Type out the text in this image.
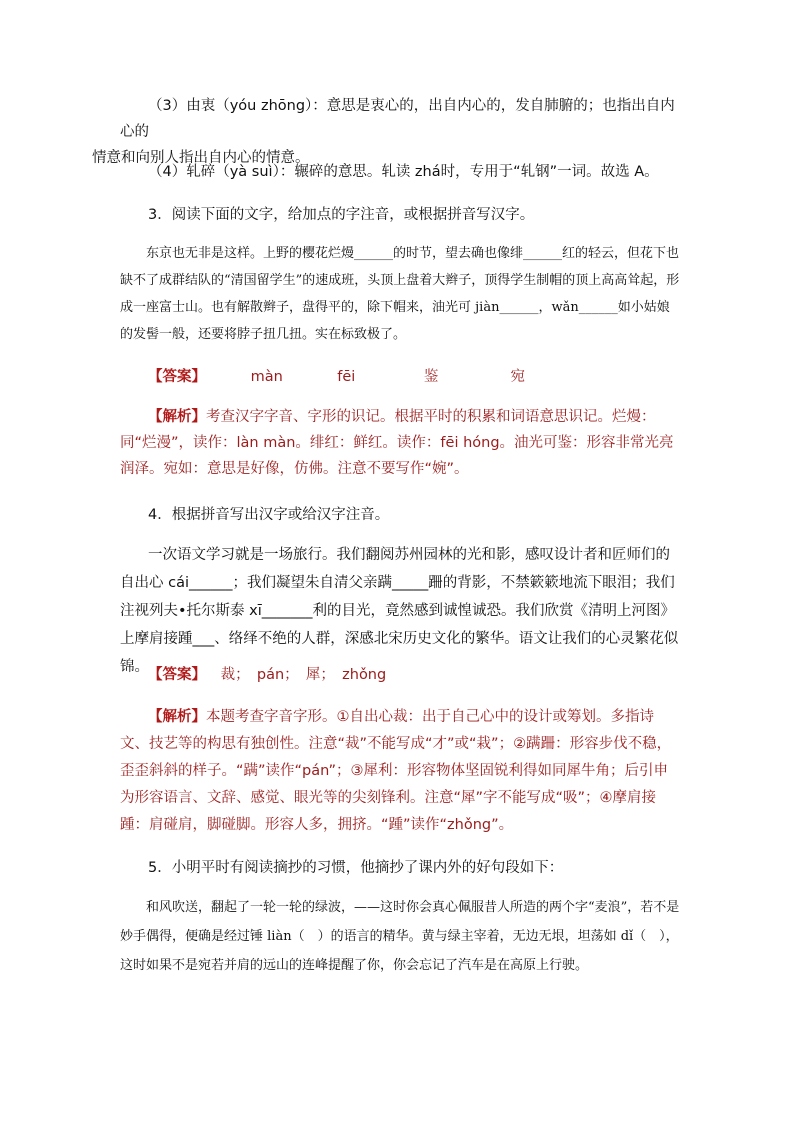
（3）由衷（yóu zhōng）：意思是衷心的，出自内心的，发自肺腑的；也指出自内心的
情意和向别人指出自内心的情意。

（4）轧碎（yà suì）：辗碎的意思。轧读 zhá时，专用于“轧钢”一词。故选 A。

3．阅读下面的文字，给加点的字注音，或根据拼音写汉字。

东京也无非是这样。上野的樱花烂熳______的时节，望去确也像绯______红的轻云，但花下也缺不了成群结队的“清国留学生”的速成班，头顶上盘着大辫子，顶得学生制帽的顶上高高耸起，形成一座富士山。也有解散辫子，盘得平的，除下帽来，油光可 jiàn______，wǎn______如小姑娘的发髻一般，还要将脖子扭几扭。实在标致极了。

【答案】	màn	fēi	鉴	宛

【解析】考查汉字字音、字形的识记。根据平时的积累和词语意思识记。烂熳：同“烂漫”，读作：làn màn。绯红：鲜红。读作：fēi hóng。油光可鉴：形容非常光亮润泽。宛如：意思是好像，仿佛。注意不要写作“婉”。

4．根据拼音写出汉字或给汉字注音。

一次语文学习就是一场旅行。我们翻阅苏州园林的光和影，感叹设计者和匠师们的自出心 cái______；我们凝望朱自清父亲蹒_____跚的背影，不禁簌簌地流下眼泪；我们注视列夫•托尔斯泰 xī_______利的目光，竟然感到诚惶诚恐。我们欣赏《清明上河图》上摩肩接踵___、络绎不绝的人群，深感北宋历史文化的繁华。语文让我们的心灵繁花似锦。 【答案】 裁；　pán；　犀；　zhǒng

【解析】本题考查字音字形。①自出心裁：出于自己心中的设计或筹划。多指诗文、技艺等的构思有独创性。注意“裁”不能写成“才”或“栽”；②蹒跚：形容步伐不稳，歪歪斜斜的样子。“蹒”读作“pán”；③犀利：形容物体坚固锐利得如同犀牛角；后引申为形容语言、文辞、感觉、眼光等的尖刻锋利。注意“犀”字不能写成“吸”；④摩肩接踵：肩碰肩，脚碰脚。形容人多，拥挤。“踵”读作“zhǒng”。

5．小明平时有阅读摘抄的习惯，他摘抄了课内外的好句段如下：

和风吹送，翻起了一轮一轮的绿波，——这时你会真心佩服昔人所造的两个字“麦浪”，若不是妙手偶得，便确是经过锤 liàn（　）的语言的精华。黄与绿主宰着，无边无垠，坦荡如 dǐ（　），这时如果不是宛若并肩的远山的连峰提醒了你，你会忘记了汽车是在高原上行驶。
